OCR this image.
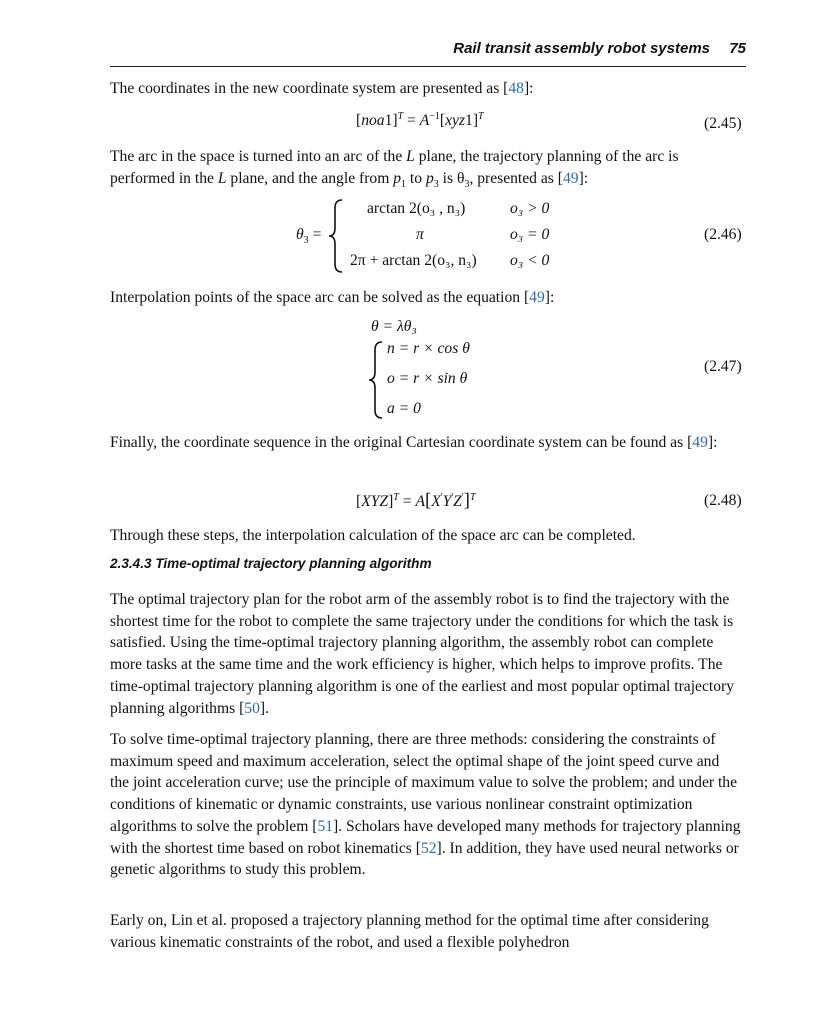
Rail transit assembly robot systems 75
The coordinates in the new coordinate system are presented as [48]:
$[noa1]^T = A^{-1}[xyz1]^T$	(2.45)
The arc in the space is turned into an arc of the L plane, the trajectory planning of the arc is performed in the L plane, and the angle from $p_1$ to $p_3$ is $\theta_3$, presented as [49]:
$\theta_3$ =
arctan 2(o₃ , n₃)	o₃ > 0
π	o₃ = 0
2π + arctan 2(o₃, n₃) o₃ < 0
(2.46)
Interpolation points of the space arc can be solved as the equation [49]:
θ = λθ₃
n = r × cos θ
o = r × sin θ
a = 0
(2.47)
Finally, the coordinate sequence in the original Cartesian coordinate system can be found as [49]:
$[XYZ]^T = A[X'Y'Z']^T$	(2.48)
Through these steps, the interpolation calculation of the space arc can be completed.
2.3.4.3 Time-optimal trajectory planning algorithm
The optimal trajectory plan for the robot arm of the assembly robot is to find the trajectory with the shortest time for the robot to complete the same trajectory under the conditions for which the task is satisfied. Using the time-optimal trajectory planning algorithm, the assembly robot can complete more tasks at the same time and the work efficiency is higher, which helps to improve profits. The time-optimal trajectory planning algorithm is one of the earliest and most popular optimal trajectory planning algorithms [50].
To solve time-optimal trajectory planning, there are three methods: considering the constraints of maximum speed and maximum acceleration, select the optimal shape of the joint speed curve and the joint acceleration curve; use the principle of maximum value to solve the problem; and under the conditions of kinematic or dynamic constraints, use various nonlinear constraint optimization algorithms to solve the problem [51]. Scholars have developed many methods for trajectory planning with the shortest time based on robot kinematics [52]. In addition, they have used neural networks or genetic algorithms to study this problem.
Early on, Lin et al. proposed a trajectory planning method for the optimal time after considering various kinematic constraints of the robot, and used a flexible polyhedron
